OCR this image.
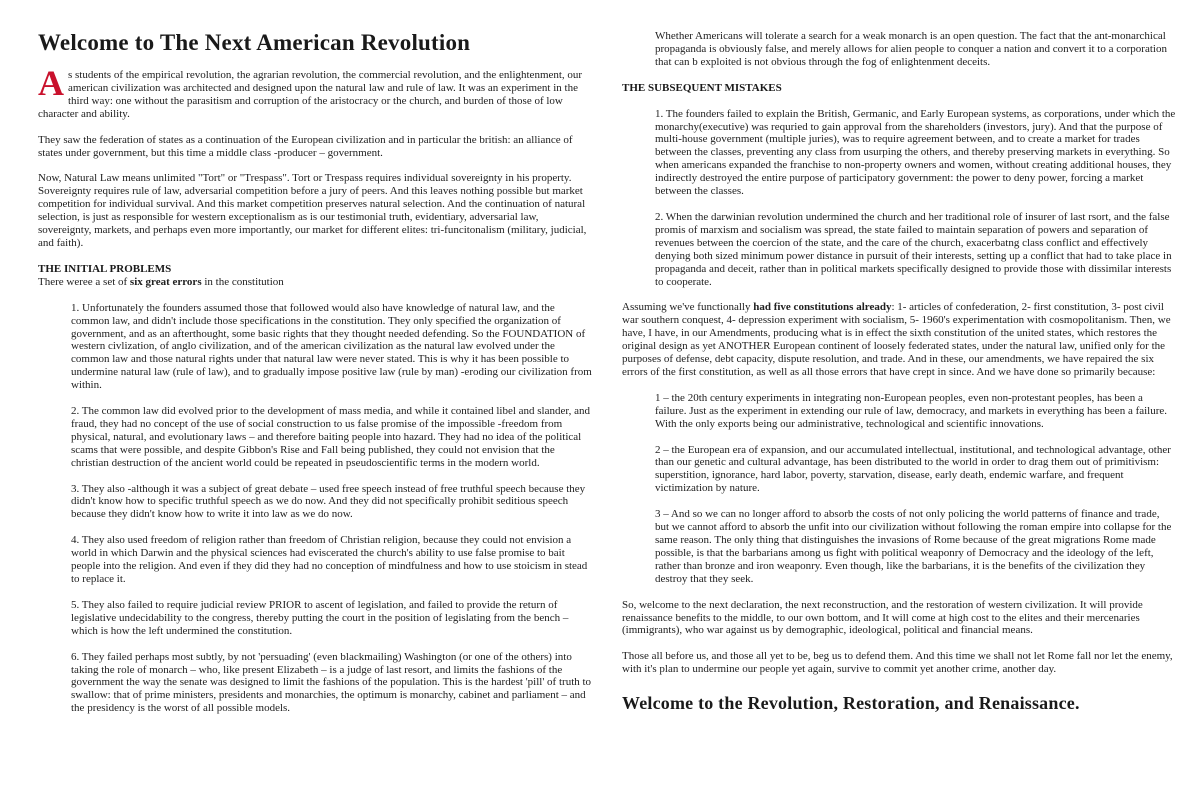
Welcome to The Next American Revolution

As students of the empirical revolution, the agrarian revolution, the commercial revolution, and the enlightenment, our american civilization was architected and designed upon the natural law and rule of law. It was an experiment in the third way: one without the parasitism and corruption of the aristocracy or the church, and burden of those of low character and ability.

They saw the federation of states as a continuation of the European civilization and in particular the british: an alliance of states under government, but this time a middle class -producer – government.

Now, Natural Law means unlimited "Tort" or "Trespass". Tort or Trespass requires individual sovereignty in his property. Sovereignty requires rule of law, adversarial competition before a jury of peers. And this leaves nothing possible but market competition for individual survival. And this market competition preserves natural selection. And the continuation of natural selection, is just as responsible for western exceptionalism as is our testimonial truth, evidentiary, adversarial law, sovereignty, markets, and perhaps even more importantly, our market for different elites: tri-funcitonalism (military, judicial, and faith).

THE INITIAL PROBLEMS

There weree a set of six great errors in the constitution

1. Unfortunately the founders assumed those that followed would also have knowledge of natural law, and the common law, and didn't include those specifications in the constitution. They only specified the organization of government, and as an afterthought, some basic rights that they thought needed defending. So the FOUNDATION of western civlization, of anglo civilization, and of the american civilization as the natural law evolved under the common law and those natural rights under that natural law were never stated. This is why it has been possible to undermine natural law (rule of law), and to gradually impose positive law (rule by man) -eroding our civilization from within.

2. The common law did evolved prior to the development of mass media, and while it contained libel and slander, and fraud, they had no concept of the use of social construction to us false promise of the impossible -freedom from physical, natural, and evolutionary laws – and therefore baiting people into hazard. They had no idea of the political scams that were possible, and despite Gibbon's Rise and Fall being published, they could not envision that the christian destruction of the ancient world could be repeated in pseudoscientific terms in the modern world.

3. They also -although it was a subject of great debate – used free speech instead of free truthful speech because they didn't know how to specific truthful speech as we do now. And they did not specifically prohibit seditious speech because they didn't know how to write it into law as we do now.

4. They also used freedom of religion rather than freedom of Christian religion, because they could not envision a world in which Darwin and the physical sciences had eviscerated the church's ability to use false promise to bait people into the religion. And even if they did they had no conception of mindfulness and how to use stoicism in stead to replace it.

5. They also failed to require judicial review PRIOR to ascent of legislation, and failed to provide the return of legislative undecidability to the congress, thereby putting the court in the position of legislating from the bench – which is how the left undermined the constitution.

6. They failed perhaps most subtly, by not 'persuading' (even blackmailing) Washington (or one of the others) into taking the role of monarch – who, like present Elizabeth – is a judge of last resort, and limits the fashions of the government the way the senate was designed to limit the fashions of the population. This is the hardest 'pill' of truth to swallow: that of prime ministers, presidents and monarchies, the optimum is monarchy, cabinet and parliament – and the presidency is the worst of all possible models.

Whether Americans will tolerate a search for a weak monarch is an open question. The fact that the ant-monarchical propaganda is obviously false, and merely allows for alien people to conquer a nation and convert it to a corporation that can b exploited is not obvious through the fog of enlightenment deceits.

THE SUBSEQUENT MISTAKES

1. The founders failed to explain the British, Germanic, and Early European systems, as corporations, under which the monarchy(executive) was requried to gain approval from the shareholders (investors, jury). And that the purpose of multi-house government (multiple juries), was to require agreement between, and to create a market for trades between the classes, preventing any class from usurping the others, and thereby preserving markets in everything. So when americans expanded the franchise to non-property owners and women, without creating additional houses, they indirectly destroyed the entire purpose of participatory government: the power to deny power, forcing a market between the classes.

2. When the darwinian revolution undermined the church and her traditional role of insurer of last rsort, and the false promis of marxism and socialism was spread, the state failed to maintain separation of powers and separation of revenues between the coercion of the state, and the care of the church, exacerbatng class conflict and effectively denying both sized minimum power distance in pursuit of their interests, setting up a conflict that had to take place in propaganda and deceit, rather than in political markets specifically designed to provide those with dissimilar interests to cooperate.

Assuming we've functionally had five constitutions already: 1- articles of confederation, 2- first constitution, 3- post civil war southern conquest, 4- depression experiment with socialism, 5- 1960's experimentation with cosmopolitanism. Then, we have, I have, in our Amendments, producing what is in effect the sixth constitution of the united states, which restores the original design as yet ANOTHER European continent of loosely federated states, under the natural law, unified only for the purposes of defense, debt capacity, dispute resolution, and trade. And in these, our amendments, we have repaired the six errors of the first constitution, as well as all those errors that have crept in since. And we have done so primarily because:

1 – the 20th century experiments in integrating non-European peoples, even non-protestant peoples, has been a failure. Just as the experiment in extending our rule of law, democracy, and markets in everything has been a failure. With the only exports being our administrative, technological and scientific innovations.

2 – the European era of expansion, and our accumulated intellectual, institutional, and technological advantage, other than our genetic and cultural advantage, has been distributed to the world in order to drag them out of primitivism: superstition, ignorance, hard labor, poverty, starvation, disease, early death, endemic warfare, and frequent victimization by nature.

3 – And so we can no longer afford to absorb the costs of not only policing the world patterns of finance and trade, but we cannot afford to absorb the unfit into our civilization without following the roman empire into collapse for the same reason. The only thing that distinguishes the invasions of Rome because of the great migrations Rome made possible, is that the barbarians among us fight with political weaponry of Democracy and the ideology of the left, rather than bronze and iron weaponry. Even though, like the barbarians, it is the benefits of the civilization they destroy that they seek.

So, welcome to the next declaration, the next reconstruction, and the restoration of western civilization. It will provide renaissance benefits to the middle, to our own bottom, and It will come at high cost to the elites and their mercenaries (immigrants), who war against us by demographic, ideological, political and financial means.

Those all before us, and those all yet to be, beg us to defend them. And this time we shall not let Rome fall nor let the enemy, with it's plan to undermine our people yet again, survive to commit yet another crime, another day.

Welcome to the Revolution, Restoration, and Renaissance.
